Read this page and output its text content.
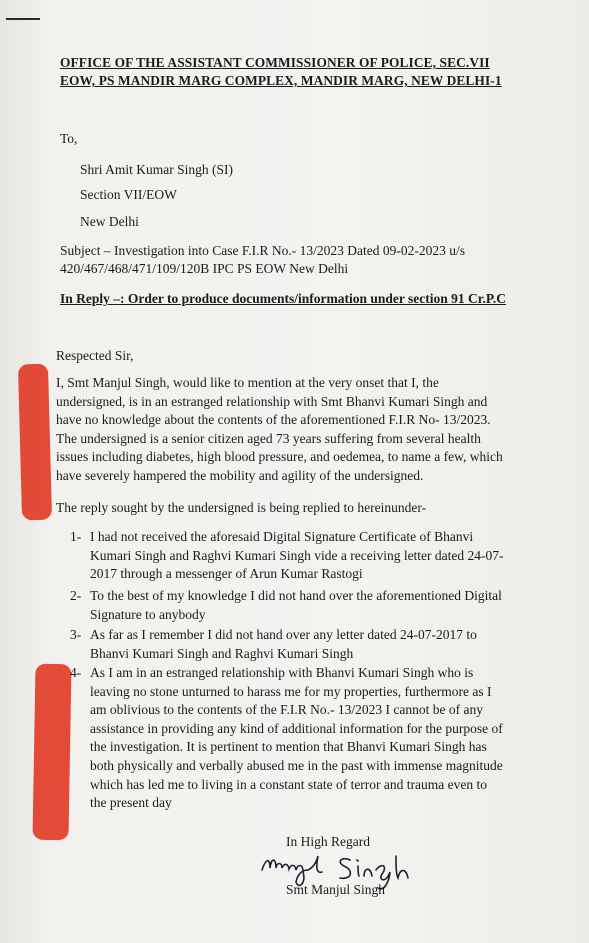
OFFICE OF THE ASSISTANT COMMISSIONER OF POLICE, SEC.VII
EOW, PS MANDIR MARG COMPLEX, MANDIR MARG, NEW DELHI-1
To,
Shri Amit Kumar Singh (SI)
Section VII/EOW
New Delhi
Subject – Investigation into Case F.I.R No.- 13/2023 Dated 09-02-2023 u/s
420/467/468/471/109/120B IPC PS EOW New Delhi
In Reply –: Order to produce documents/information under section 91 Cr.P.C
Respected Sir,
I, Smt Manjul Singh, would like to mention at the very onset that I, the
undersigned, is in an estranged relationship with Smt Bhanvi Kumari Singh and
have no knowledge about the contents of the aforementioned F.I.R No- 13/2023.
The undersigned is a senior citizen aged 73 years suffering from several health
issues including diabetes, high blood pressure, and oedemea, to name a few, which
have severely hampered the mobility and agility of the undersigned.
The reply sought by the undersigned is being replied to hereinunder-
1- I had not received the aforesaid Digital Signature Certificate of Bhanvi
Kumari Singh and Raghvi Kumari Singh vide a receiving letter dated 24-07-
2017 through a messenger of Arun Kumar Rastogi
2- To the best of my knowledge I did not hand over the aforementioned Digital
Signature to anybody
3- As far as I remember I did not hand over any letter dated 24-07-2017 to
Bhanvi Kumari Singh and Raghvi Kumari Singh
4- As I am in an estranged relationship with Bhanvi Kumari Singh who is
leaving no stone unturned to harass me for my properties, furthermore as I
am oblivious to the contents of the F.I.R No.- 13/2023 I cannot be of any
assistance in providing any kind of additional information for the purpose of
the investigation. It is pertinent to mention that Bhanvi Kumari Singh has
both physically and verbally abused me in the past with immense magnitude
which has led me to living in a constant state of terror and trauma even to
the present day
In High Regard
Smt Manjul Singh
